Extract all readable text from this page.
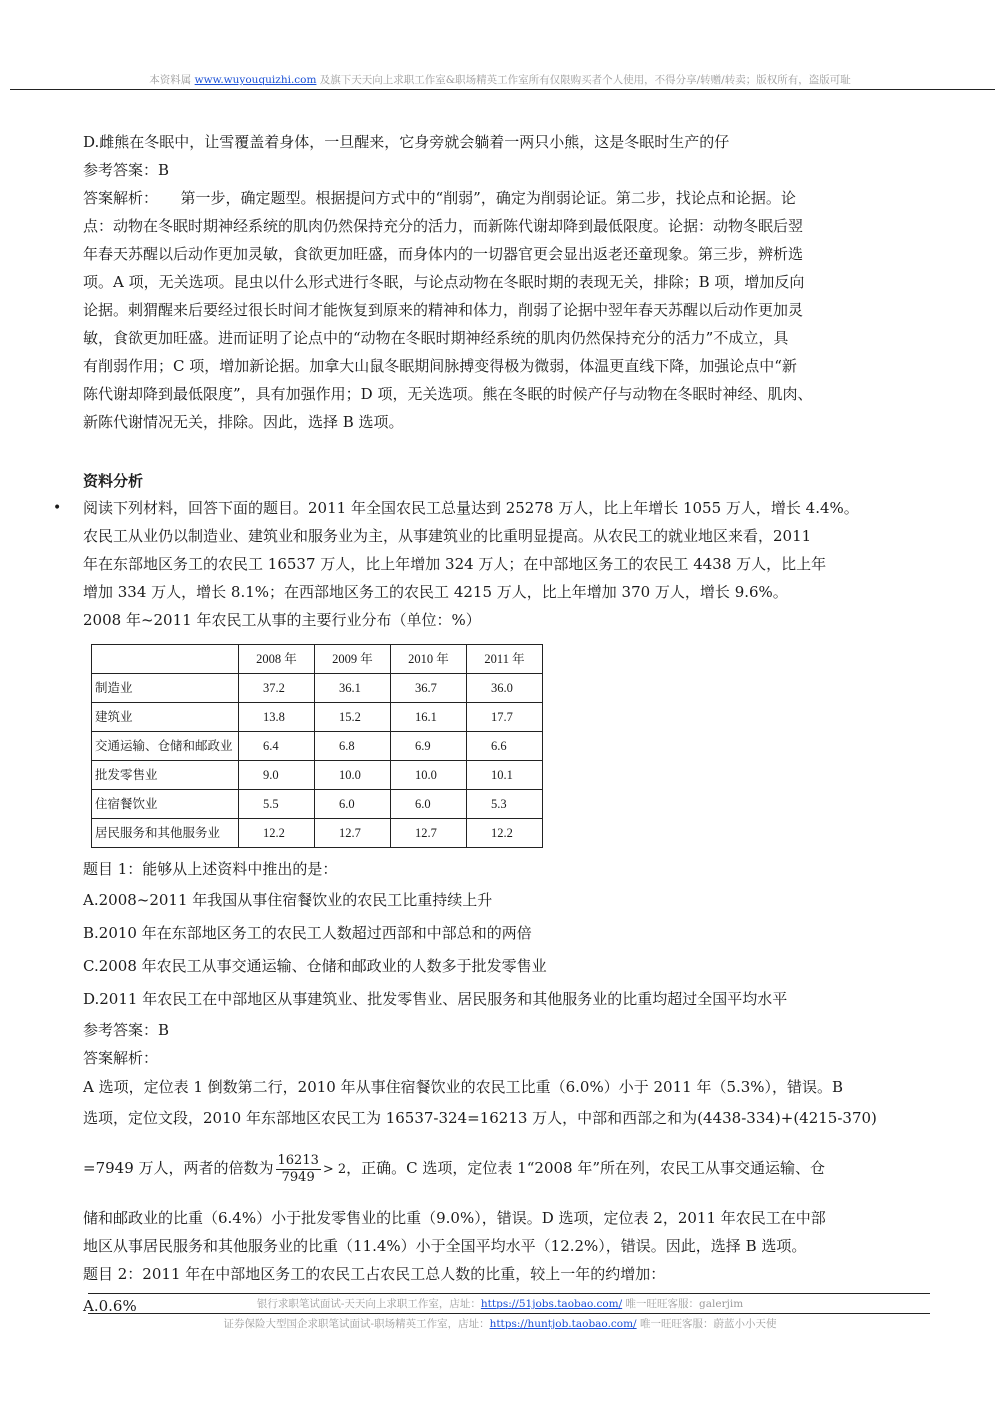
本资料属 www.wuyouquizhi.com 及旗下天天向上求职工作室&职场精英工作室所有仅限购买者个人使用，不得分享/转赠/转卖；版权所有，盗版可耻

D.雌熊在冬眠中，让雪覆盖着身体，一旦醒来，它身旁就会躺着一两只小熊，这是冬眠时生产的仔

参考答案：B

答案解析：　　第一步，确定题型。根据提问方式中的“削弱”，确定为削弱论证。第二步，找论点和论据。论

点：动物在冬眠时期神经系统的肌肉仍然保持充分的活力，而新陈代谢却降到最低限度。论据：动物冬眠后翌

年春天苏醒以后动作更加灵敏，食欲更加旺盛，而身体内的一切器官更会显出返老还童现象。第三步，辨析选

项。A 项，无关选项。昆虫以什么形式进行冬眠，与论点动物在冬眠时期的表现无关，排除；B 项，增加反向

论据。刺猬醒来后要经过很长时间才能恢复到原来的精神和体力，削弱了论据中翌年春天苏醒以后动作更加灵

敏，食欲更加旺盛。进而证明了论点中的“动物在冬眠时期神经系统的肌肉仍然保持充分的活力”不成立，具

有削弱作用；C 项，增加新论据。加拿大山鼠冬眠期间脉搏变得极为微弱，体温更直线下降，加强论点中“新

陈代谢却降到最低限度”，具有加强作用；D 项，无关选项。熊在冬眠的时候产仔与动物在冬眠时神经、肌肉、

新陈代谢情况无关，排除。因此，选择 B 选项。

资料分析

• 阅读下列材料，回答下面的题目。2011 年全国农民工总量达到 25278 万人，比上年增长 1055 万人，增长 4.4%。

农民工从业仍以制造业、建筑业和服务业为主，从事建筑业的比重明显提高。从农民工的就业地区来看，2011

年在东部地区务工的农民工 16537 万人，比上年增加 324 万人；在中部地区务工的农民工 4438 万人，比上年

增加 334 万人，增长 8.1%；在西部地区务工的农民工 4215 万人，比上年增加 370 万人，增长 9.6%。

2008 年~2011 年农民工从事的主要行业分布（单位：%）

	2008 年	2009 年	2010 年	2011 年
制造业	37.2	36.1	36.7	36.0
建筑业	13.8	15.2	16.1	17.7
交通运输、仓储和邮政业	6.4	6.8	6.9	6.6
批发零售业	9.0	10.0	10.0	10.1
住宿餐饮业	5.5	6.0	6.0	5.3
居民服务和其他服务业	12.2	12.7	12.7	12.2

题目 1：能够从上述资料中推出的是：

A.2008~2011 年我国从事住宿餐饮业的农民工比重持续上升

B.2010 年在东部地区务工的农民工人数超过西部和中部总和的两倍

C.2008 年农民工从事交通运输、仓储和邮政业的人数多于批发零售业

D.2011 年农民工在中部地区从事建筑业、批发零售业、居民服务和其他服务业的比重均超过全国平均水平

参考答案：B

答案解析：

A 选项，定位表 1 倒数第二行，2010 年从事住宿餐饮业的农民工比重（6.0%）小于 2011 年（5.3%），错误。B

选项，定位文段，2010 年东部地区农民工为 16537-324=16213 万人，中部和西部之和为(4438-334)+(4215-370)

=7949 万人，两者的倍数为 $\frac{16213}{7949} > 2$，正确。C 选项，定位表 1“2008 年”所在列，农民工从事交通运输、仓

储和邮政业的比重（6.4%）小于批发零售业的比重（9.0%），错误。D 选项，定位表 2，2011 年农民工在中部

地区从事居民服务和其他服务业的比重（11.4%）小于全国平均水平（12.2%），错误。因此，选择 B 选项。

题目 2：2011 年在中部地区务工的农民工占农民工总人数的比重，较上一年的约增加：

A.0.6%	银行求职笔试面试-天天向上求职工作室，店址：https://51jobs.taobao.com/ 唯一旺旺客服：galerjim
证券保险大型国企求职笔试面试-职场精英工作室，店址：https://huntjob.taobao.com/ 唯一旺旺客服：蔚蓝小小天使
